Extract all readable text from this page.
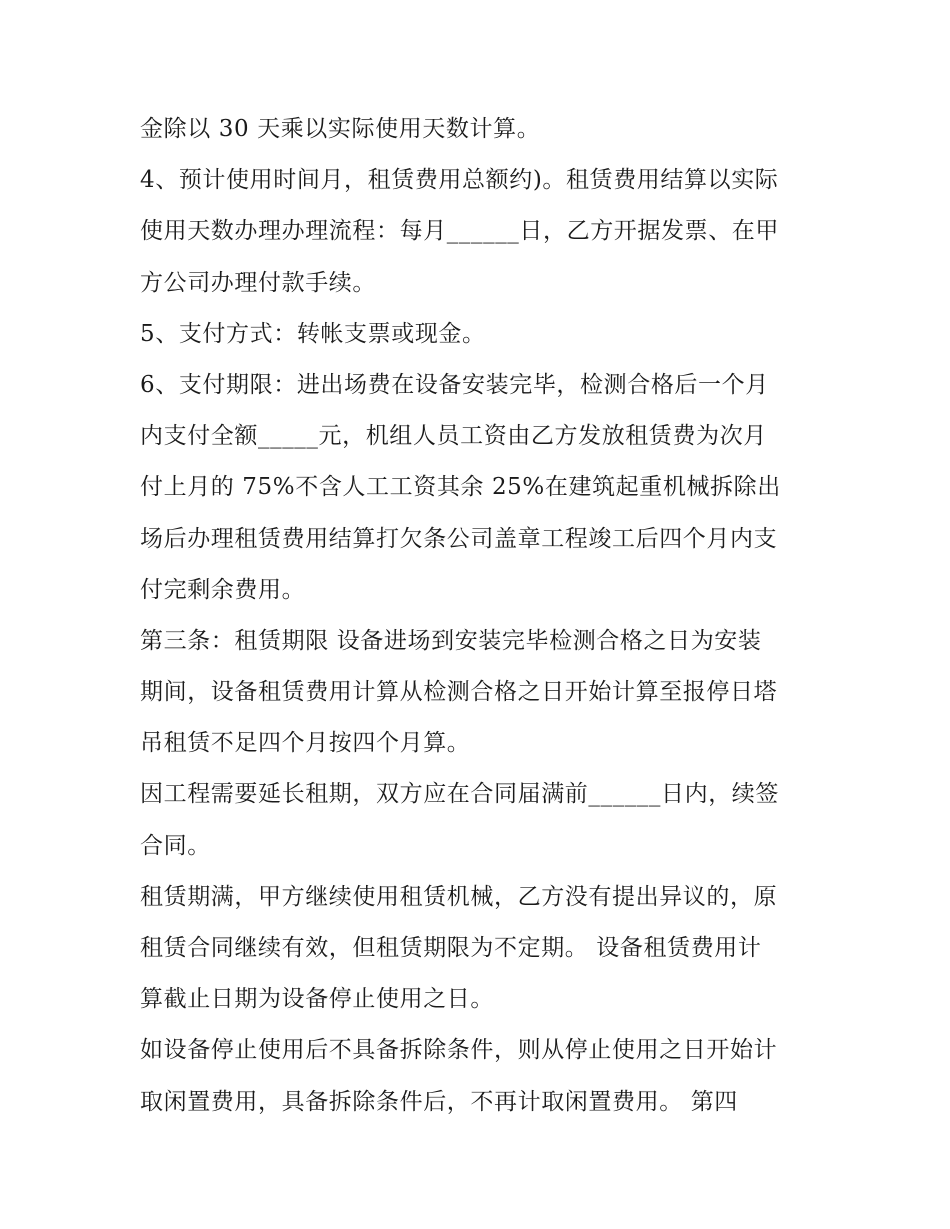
金除以 30 天乘以实际使用天数计算。
4、预计使用时间月，租赁费用总额约)。租赁费用结算以实际
使用天数办理办理流程：每月______日，乙方开据发票、在甲
方公司办理付款手续。
5、支付方式：转帐支票或现金。
6、支付期限：进出场费在设备安装完毕，检测合格后一个月
内支付全额_____元，机组人员工资由乙方发放租赁费为次月
付上月的 75%不含人工工资其余 25%在建筑起重机械拆除出
场后办理租赁费用结算打欠条公司盖章工程竣工后四个月内支
付完剩余费用。
第三条：租赁期限 设备进场到安装完毕检测合格之日为安装
期间，设备租赁费用计算从检测合格之日开始计算至报停日塔
吊租赁不足四个月按四个月算。
因工程需要延长租期，双方应在合同届满前______日内，续签
合同。
租赁期满，甲方继续使用租赁机械，乙方没有提出异议的，原
租赁合同继续有效，但租赁期限为不定期。 设备租赁费用计
算截止日期为设备停止使用之日。
如设备停止使用后不具备拆除条件，则从停止使用之日开始计
取闲置费用，具备拆除条件后，不再计取闲置费用。 第四
